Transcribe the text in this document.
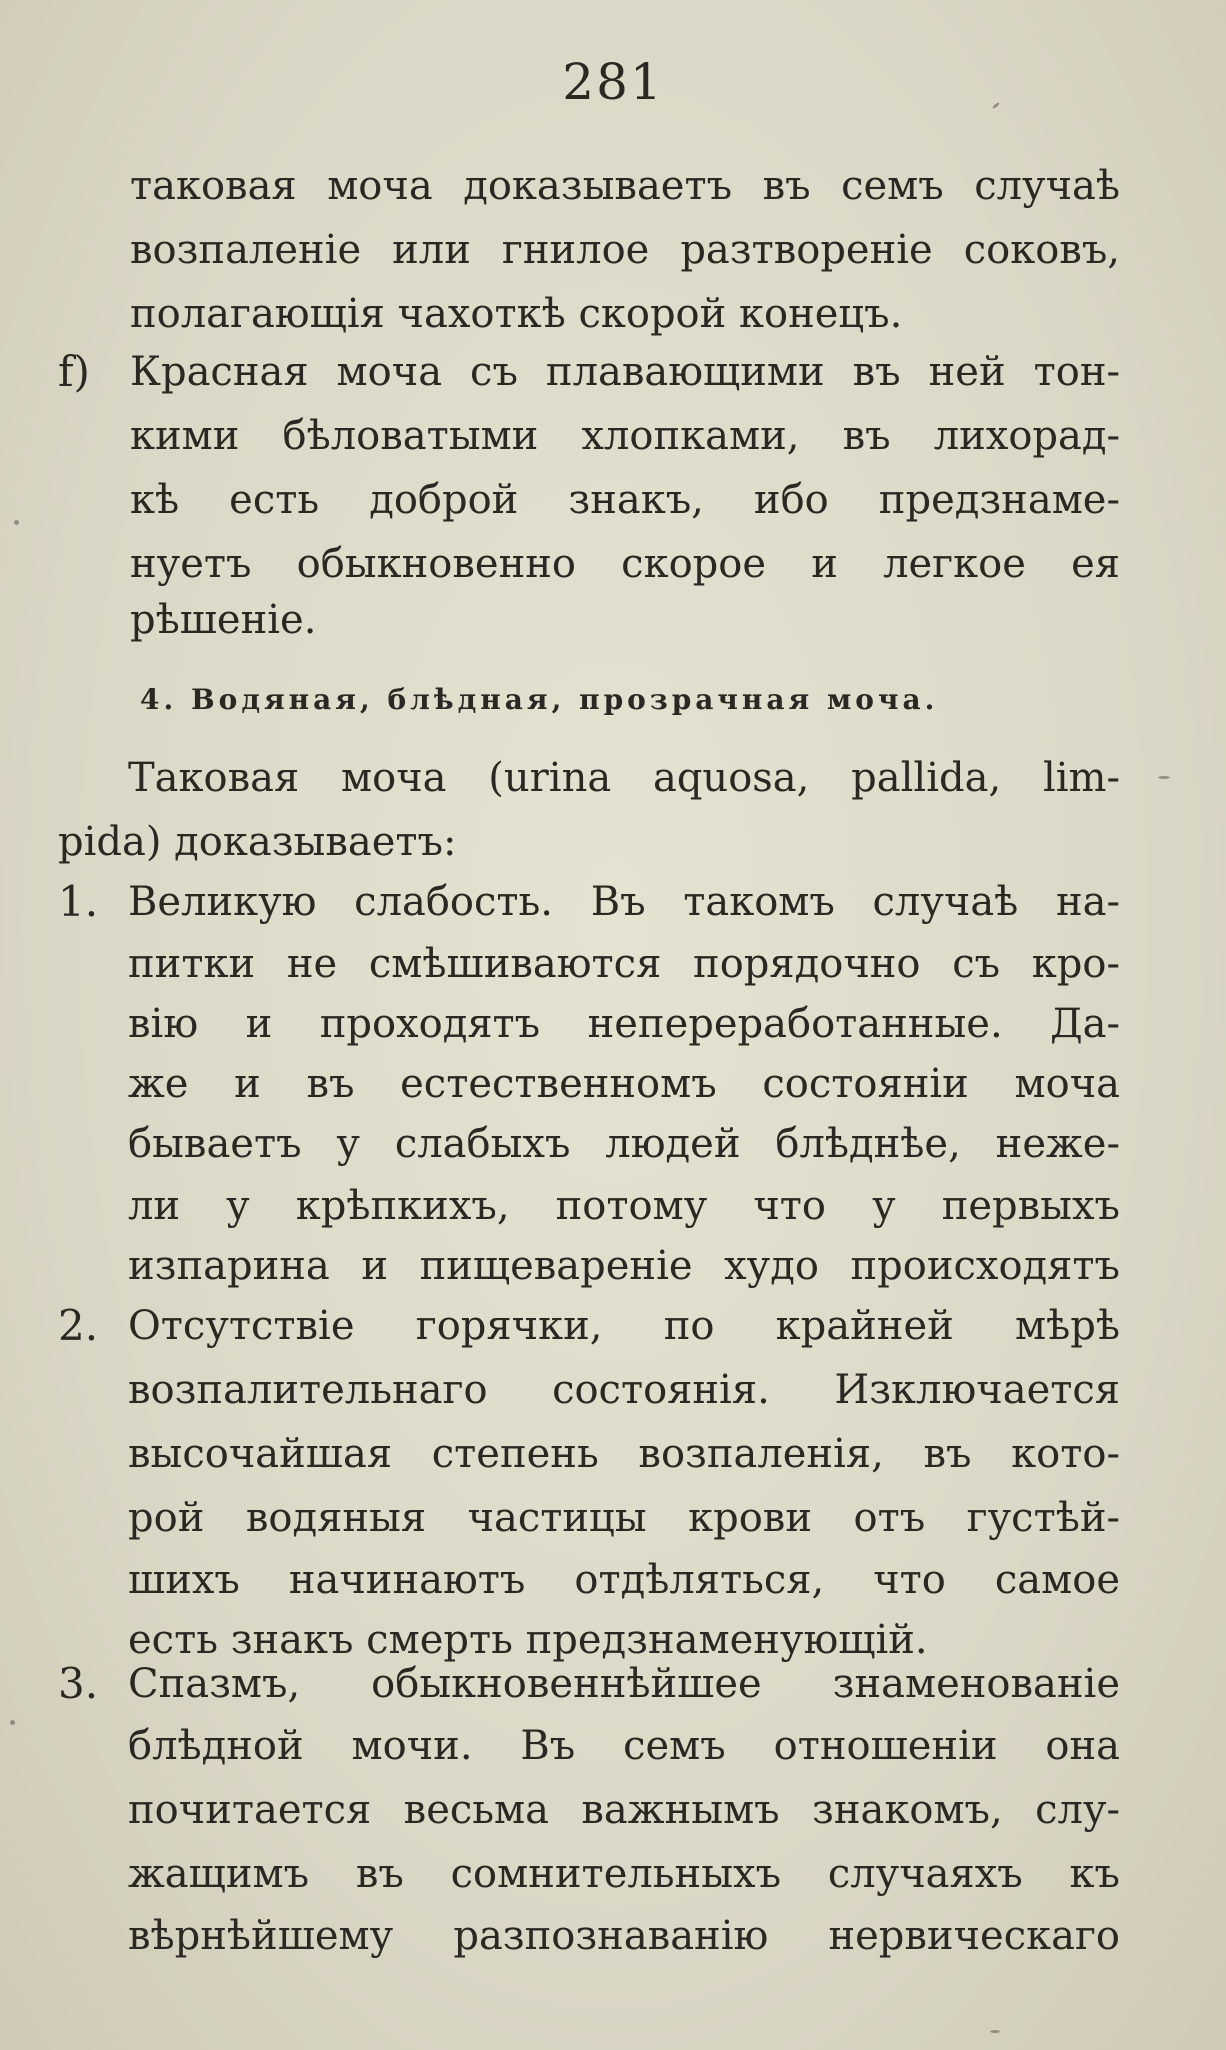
281
таковая моча доказываетъ въ семъ случаѣ
возпаленіе или гнилое разтвореніе соковъ,
полагающія чахоткѣ скорой конецъ.
f) Красная моча съ плавающими въ ней тон-
кими бѣловатыми хлопками, въ лихорад-
кѣ есть доброй знакъ, ибо предзнаме-
нуетъ обыкновенно скорое и легкое ея
рѣшеніе.
4. Водяная, блѣдная, прозрачная моча.
Таковая моча (urina aquosa, pallida, lim-
pida) доказываетъ:
1. Великую слабость. Въ такомъ случаѣ на-
питки не смѣшиваются порядочно съ кро-
вію и проходятъ непереработанные. Да-
же и въ естественномъ состояніи моча
бываетъ у слабыхъ людей блѣднѣе, неже-
ли у крѣпкихъ, потому что у первыхъ
изпарина и пищевареніе худо происходятъ
2. Отсутствіе горячки, по крайней мѣрѣ
возпалительнаго состоянія. Изключается
высочайшая степень возпаленія, въ кото-
рой водяныя частицы крови отъ густѣй-
шихъ начинаютъ отдѣляться, что самое
есть знакъ смерть предзнаменующій.
3. Спазмъ, обыкновеннѣйшее знаменованіе
блѣдной мочи. Въ семъ отношеніи она
почитается весьма важнымъ знакомъ, слу-
жащимъ въ сомнительныхъ случаяхъ къ
вѣрнѣйшему разпознаванію нервическаго
